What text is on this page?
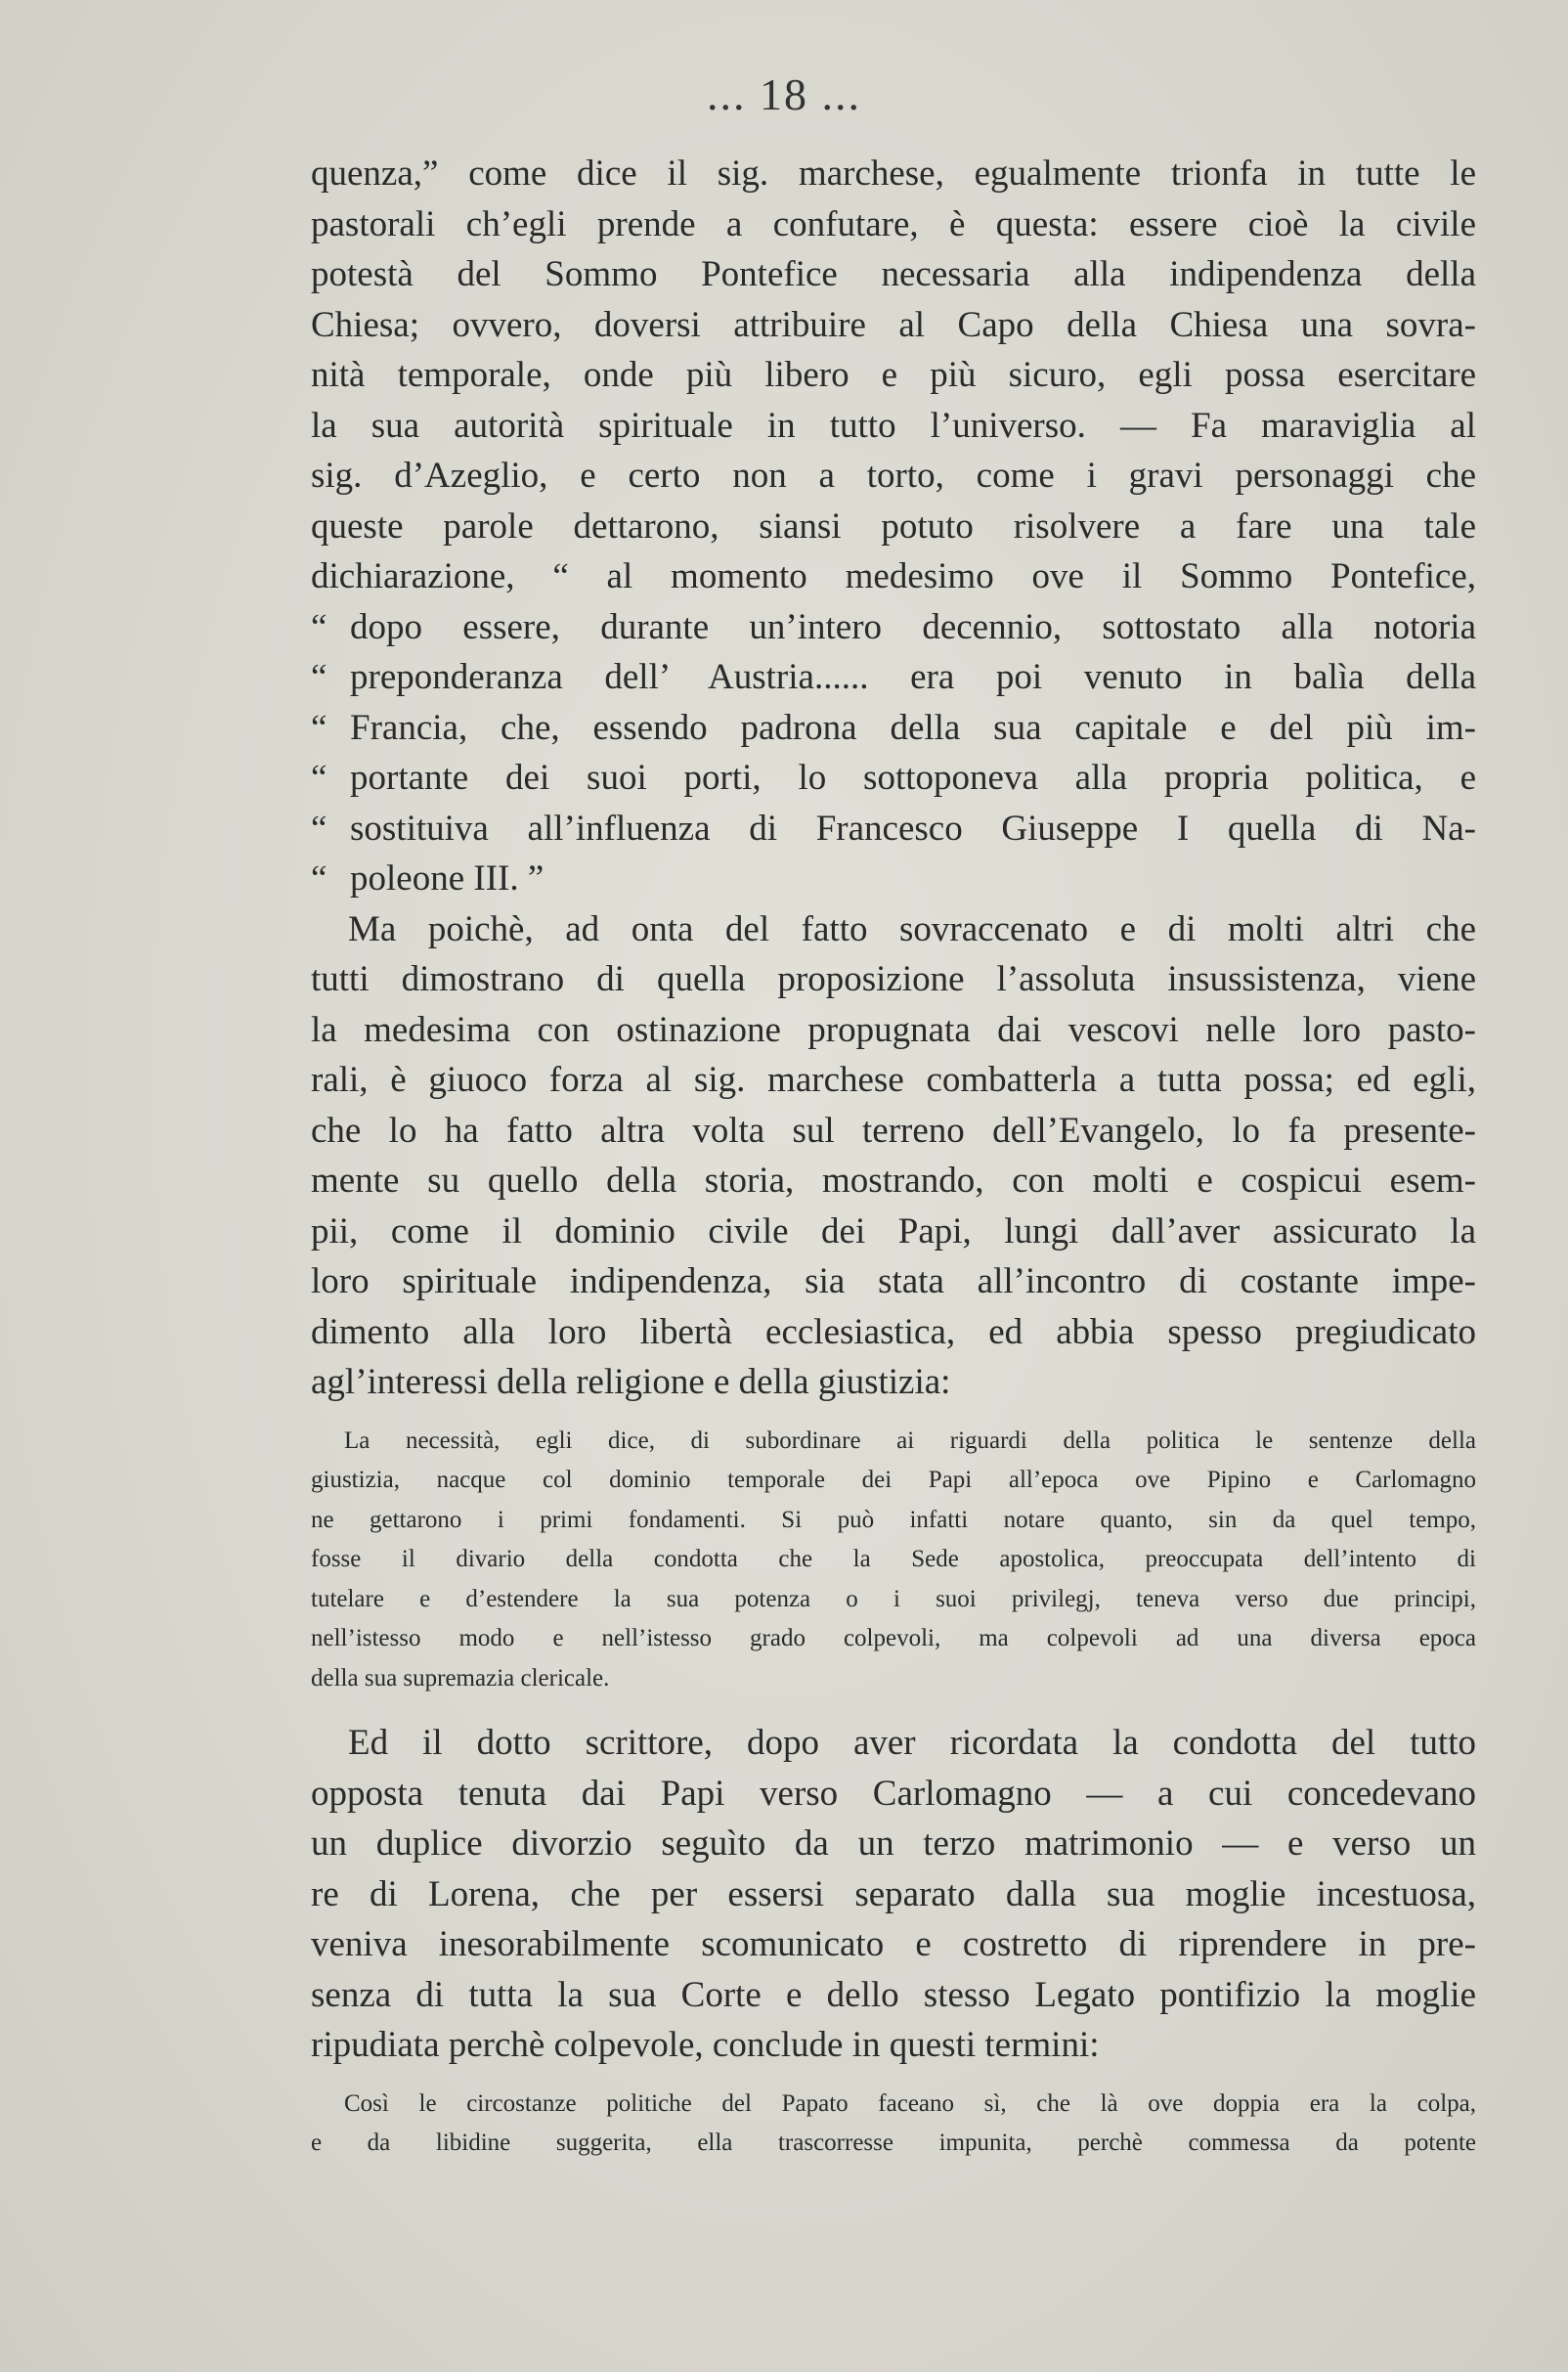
... 18 ...
quenza,” come dice il sig. marchese, egualmente trionfa in tutte le
pastorali ch’egli prende a confutare, è questa: essere cioè la civile
potestà del Sommo Pontefice necessaria alla indipendenza della
Chiesa; ovvero, doversi attribuire al Capo della Chiesa una sovra-
nità temporale, onde più libero e più sicuro, egli possa esercitare
la sua autorità spirituale in tutto l’universo. — Fa maraviglia al
sig. d’Azeglio, e certo non a torto, come i gravi personaggi che
queste parole dettarono, siansi potuto risolvere a fare una tale
dichiarazione, “ al momento medesimo ove il Sommo Pontefice,
“ dopo essere, durante un’intero decennio, sottostato alla notoria
“ preponderanza dell’ Austria...... era poi venuto in balìa della
“ Francia, che, essendo padrona della sua capitale e del più im-
“ portante dei suoi porti, lo sottoponeva alla propria politica, e
“ sostituiva all’influenza di Francesco Giuseppe I quella di Na-
“ poleone III. ”
Ma poichè, ad onta del fatto sovraccenato e di molti altri che
tutti dimostrano di quella proposizione l’assoluta insussistenza, viene
la medesima con ostinazione propugnata dai vescovi nelle loro pasto-
rali, è giuoco forza al sig. marchese combatterla a tutta possa; ed egli,
che lo ha fatto altra volta sul terreno dell’Evangelo, lo fa presente-
mente su quello della storia, mostrando, con molti e cospicui esem-
pii, come il dominio civile dei Papi, lungi dall’aver assicurato la
loro spirituale indipendenza, sia stata all’incontro di costante impe-
dimento alla loro libertà ecclesiastica, ed abbia spesso pregiudicato
agl’interessi della religione e della giustizia:
La necessità, egli dice, di subordinare ai riguardi della politica le sentenze della
giustizia, nacque col dominio temporale dei Papi all’epoca ove Pipino e Carlomagno
ne gettarono i primi fondamenti. Si può infatti notare quanto, sin da quel tempo,
fosse il divario della condotta che la Sede apostolica, preoccupata dell’intento di
tutelare e d’estendere la sua potenza o i suoi privilegj, teneva verso due principi,
nell’istesso modo e nell’istesso grado colpevoli, ma colpevoli ad una diversa epoca
della sua supremazia clericale.
Ed il dotto scrittore, dopo aver ricordata la condotta del tutto
opposta tenuta dai Papi verso Carlomagno — a cui concedevano
un duplice divorzio seguìto da un terzo matrimonio — e verso un
re di Lorena, che per essersi separato dalla sua moglie incestuosa,
veniva inesorabilmente scomunicato e costretto di riprendere in pre-
senza di tutta la sua Corte e dello stesso Legato pontifizio la moglie
ripudiata perchè colpevole, conclude in questi termini:
Così le circostanze politiche del Papato faceano sì, che là ove doppia era la colpa,
e da libidine suggerita, ella trascorresse impunita, perchè commessa da potente
